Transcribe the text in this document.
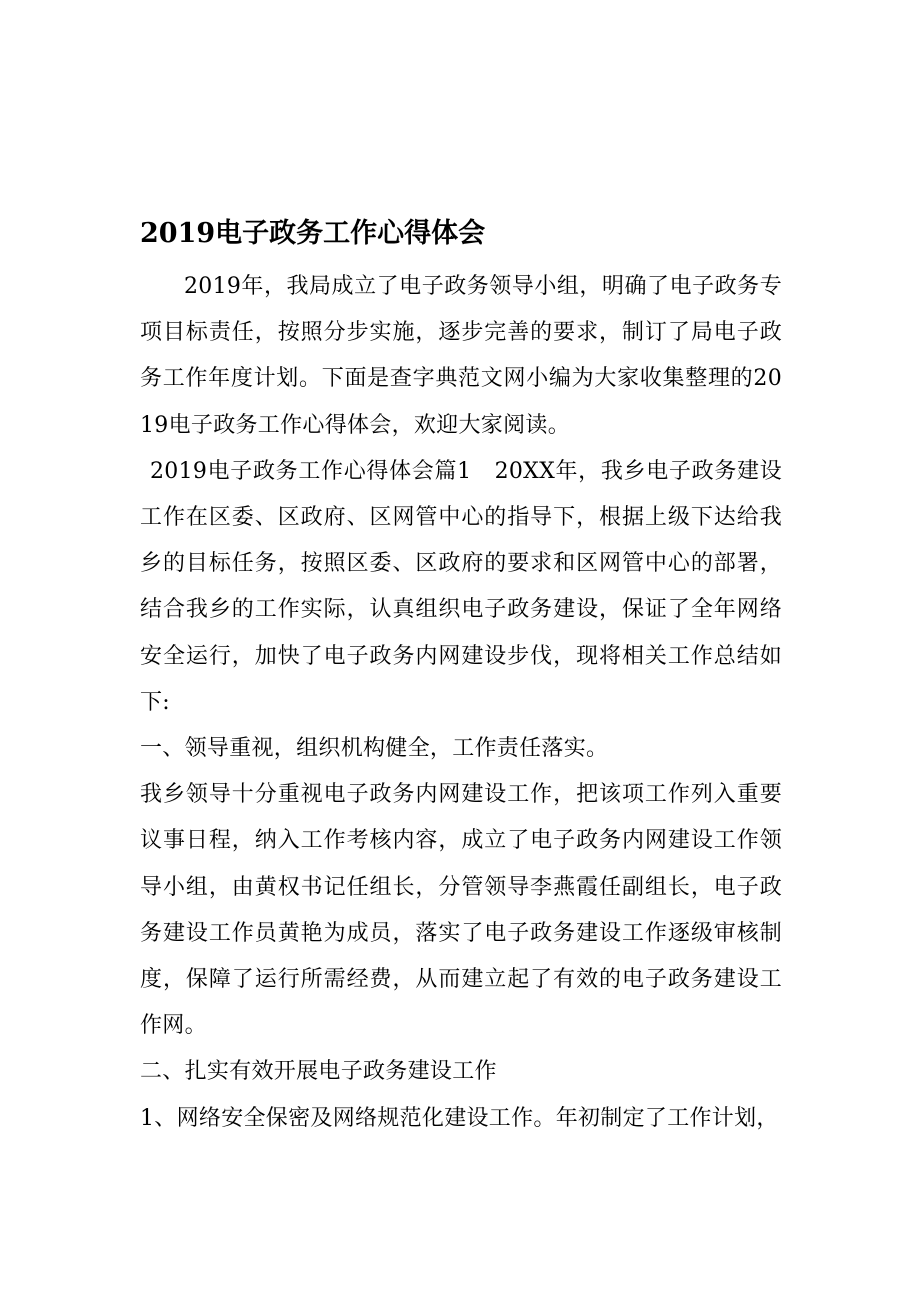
2019电子政务工作心得体会

2019年，我局成立了电子政务领导小组，明确了电子政务专项目标责任，按照分步实施，逐步完善的要求，制订了局电子政务工作年度计划。下面是查字典范文网小编为大家收集整理的2019电子政务工作心得体会，欢迎大家阅读。

2019电子政务工作心得体会篇1　20XX年，我乡电子政务建设工作在区委、区政府、区网管中心的指导下，根据上级下达给我乡的目标任务，按照区委、区政府的要求和区网管中心的部署，结合我乡的工作实际，认真组织电子政务建设，保证了全年网络安全运行，加快了电子政务内网建设步伐，现将相关工作总结如下:

一、领导重视，组织机构健全，工作责任落实。

我乡领导十分重视电子政务内网建设工作，把该项工作列入重要议事日程，纳入工作考核内容，成立了电子政务内网建设工作领导小组，由黄权书记任组长，分管领导李燕霞任副组长，电子政务建设工作员黄艳为成员，落实了电子政务建设工作逐级审核制度，保障了运行所需经费，从而建立起了有效的电子政务建设工作网。

二、扎实有效开展电子政务建设工作

1、网络安全保密及网络规范化建设工作。年初制定了工作计划，
